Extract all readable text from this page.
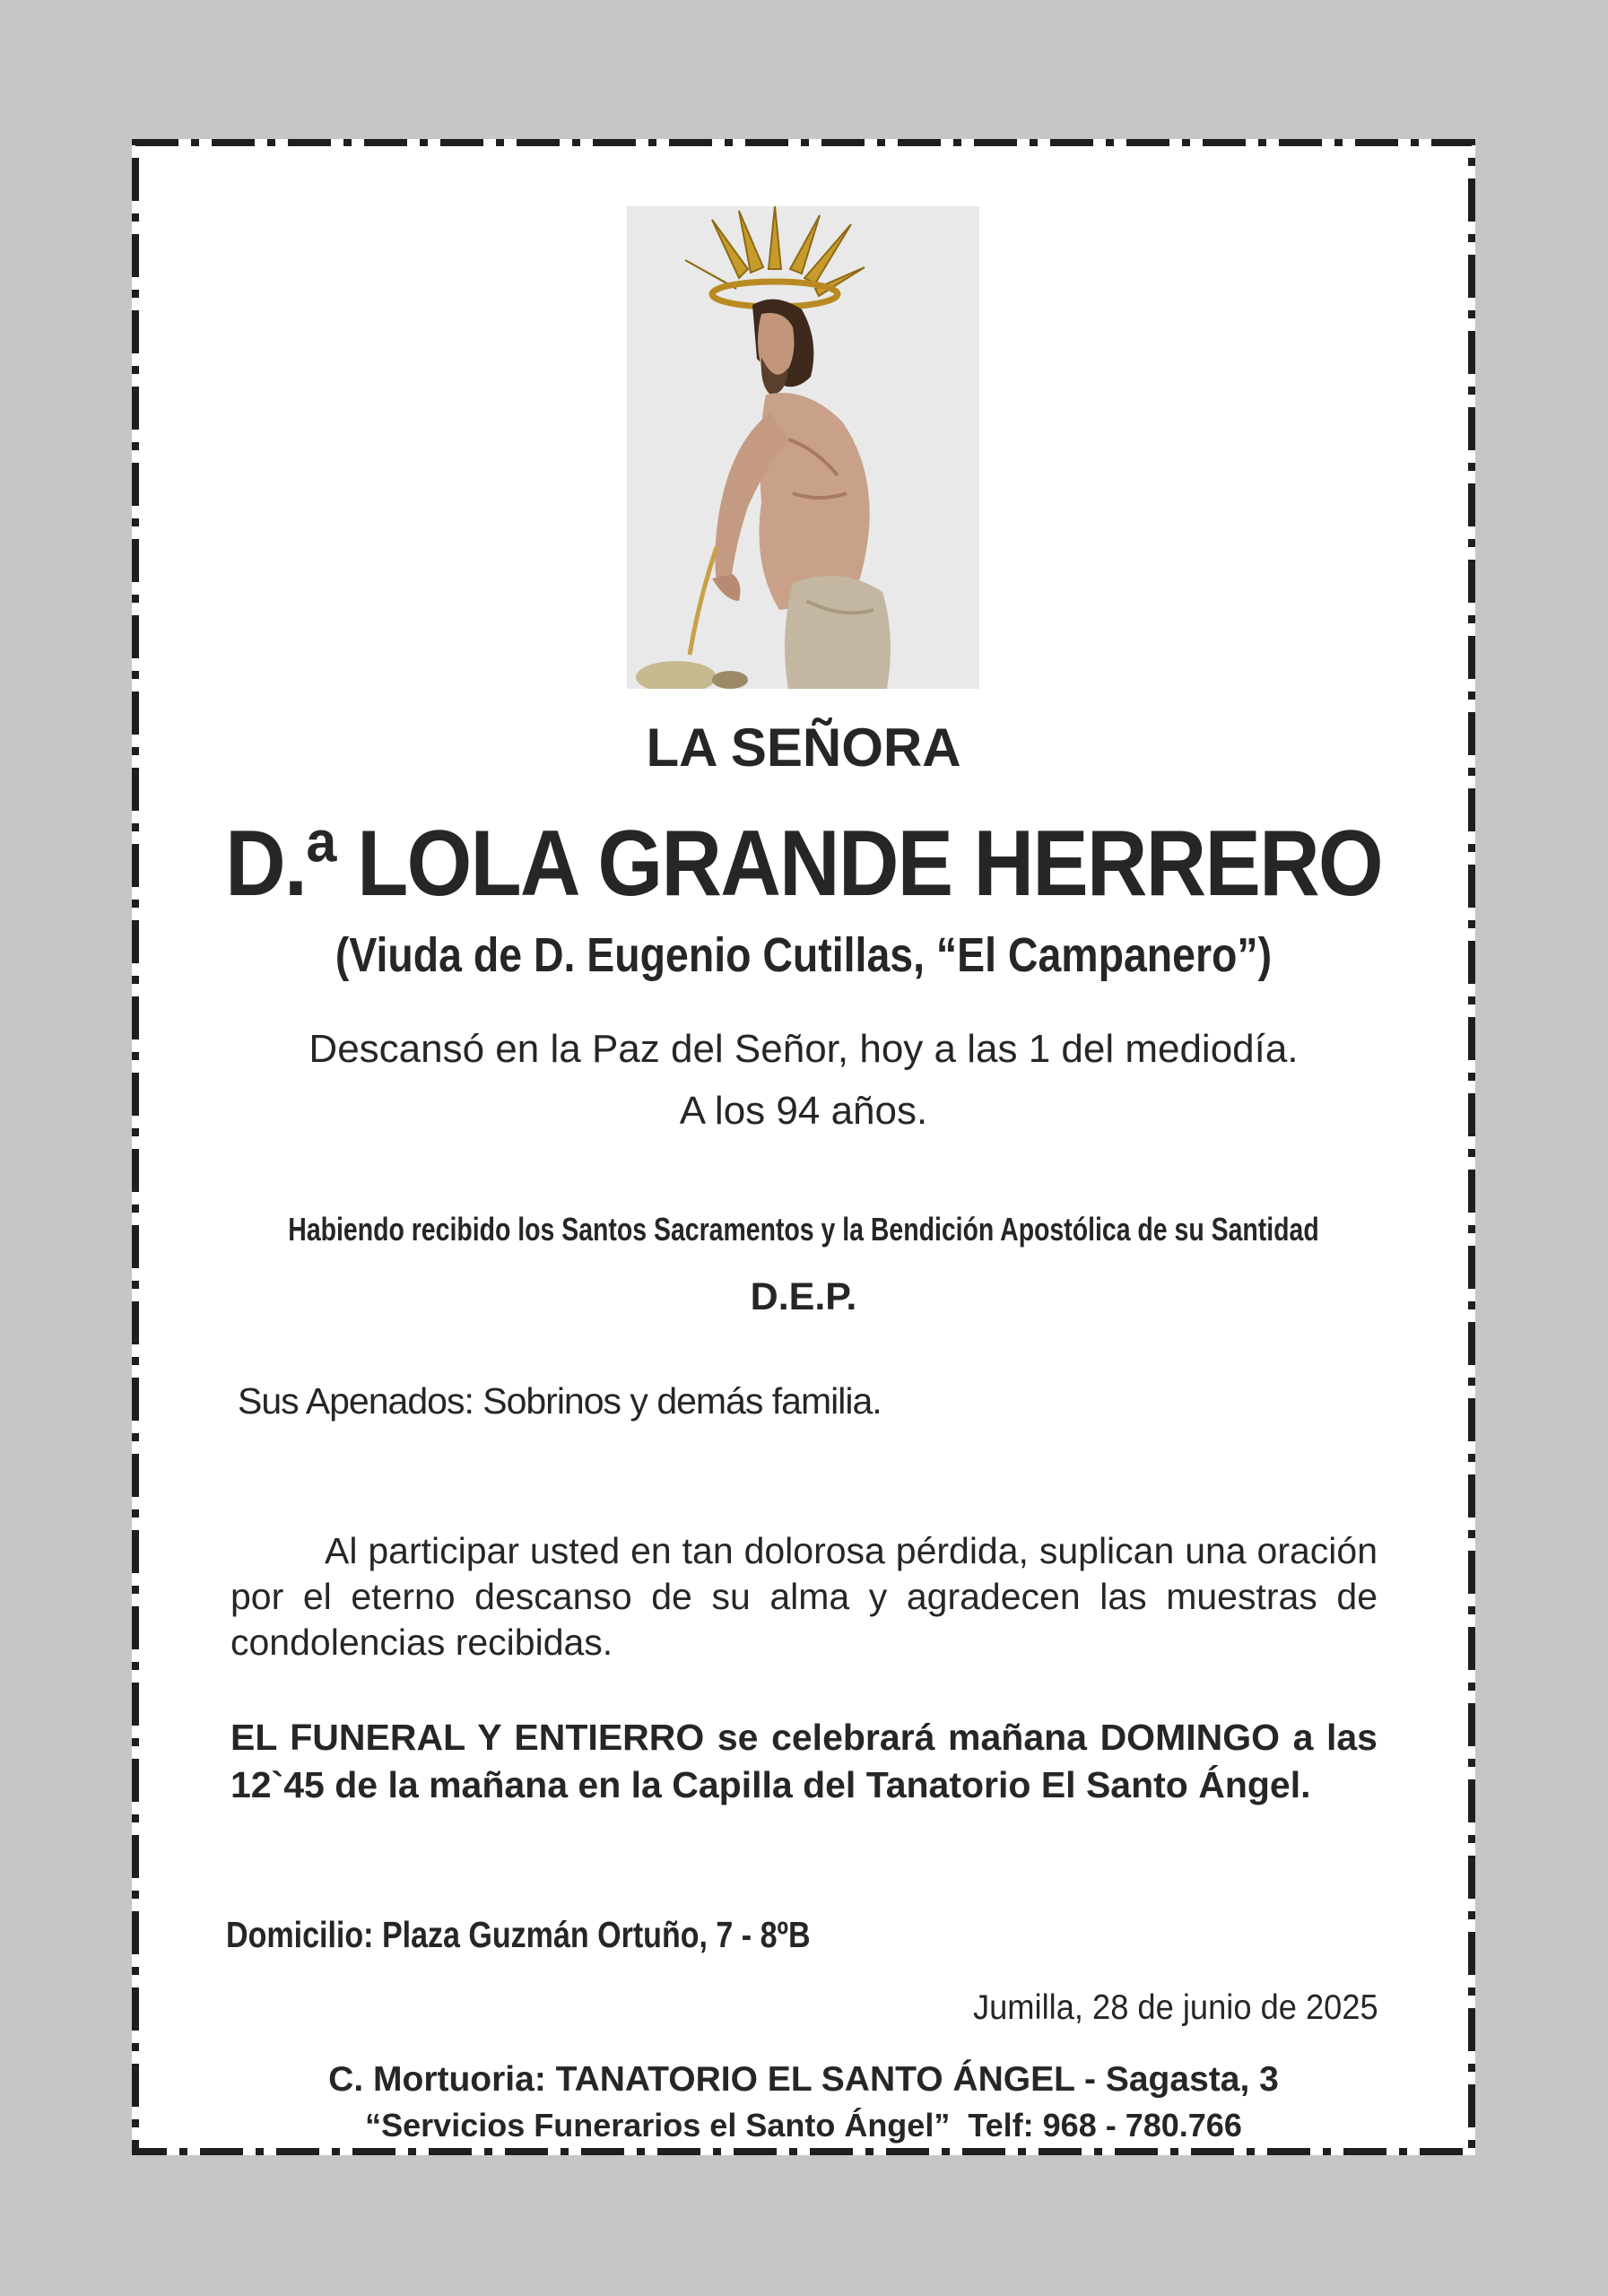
LA SEÑORA
D.ª LOLA GRANDE HERRERO
(Viuda de D. Eugenio Cutillas, “El Campanero”)
Descansó en la Paz del Señor, hoy a las 1 del mediodía.
A los 94 años.
Habiendo recibido los Santos Sacramentos y la Bendición Apostólica de su Santidad
D.E.P.
Sus Apenados: Sobrinos y demás familia.
Al participar usted en tan dolorosa pérdida, suplican una oración por el eterno descanso de su alma y agradecen las muestras de condolencias recibidas.
EL FUNERAL Y ENTIERRO se celebrará mañana DOMINGO a las 12`45 de la mañana en la Capilla del Tanatorio El Santo Ángel.
Domicilio: Plaza Guzmán Ortuño, 7 - 8ºB
Jumilla, 28 de junio de 2025
C. Mortuoria: TANATORIO EL SANTO ÁNGEL - Sagasta, 3
“Servicios Funerarios el Santo Ángel”  Telf: 968 - 780.766
